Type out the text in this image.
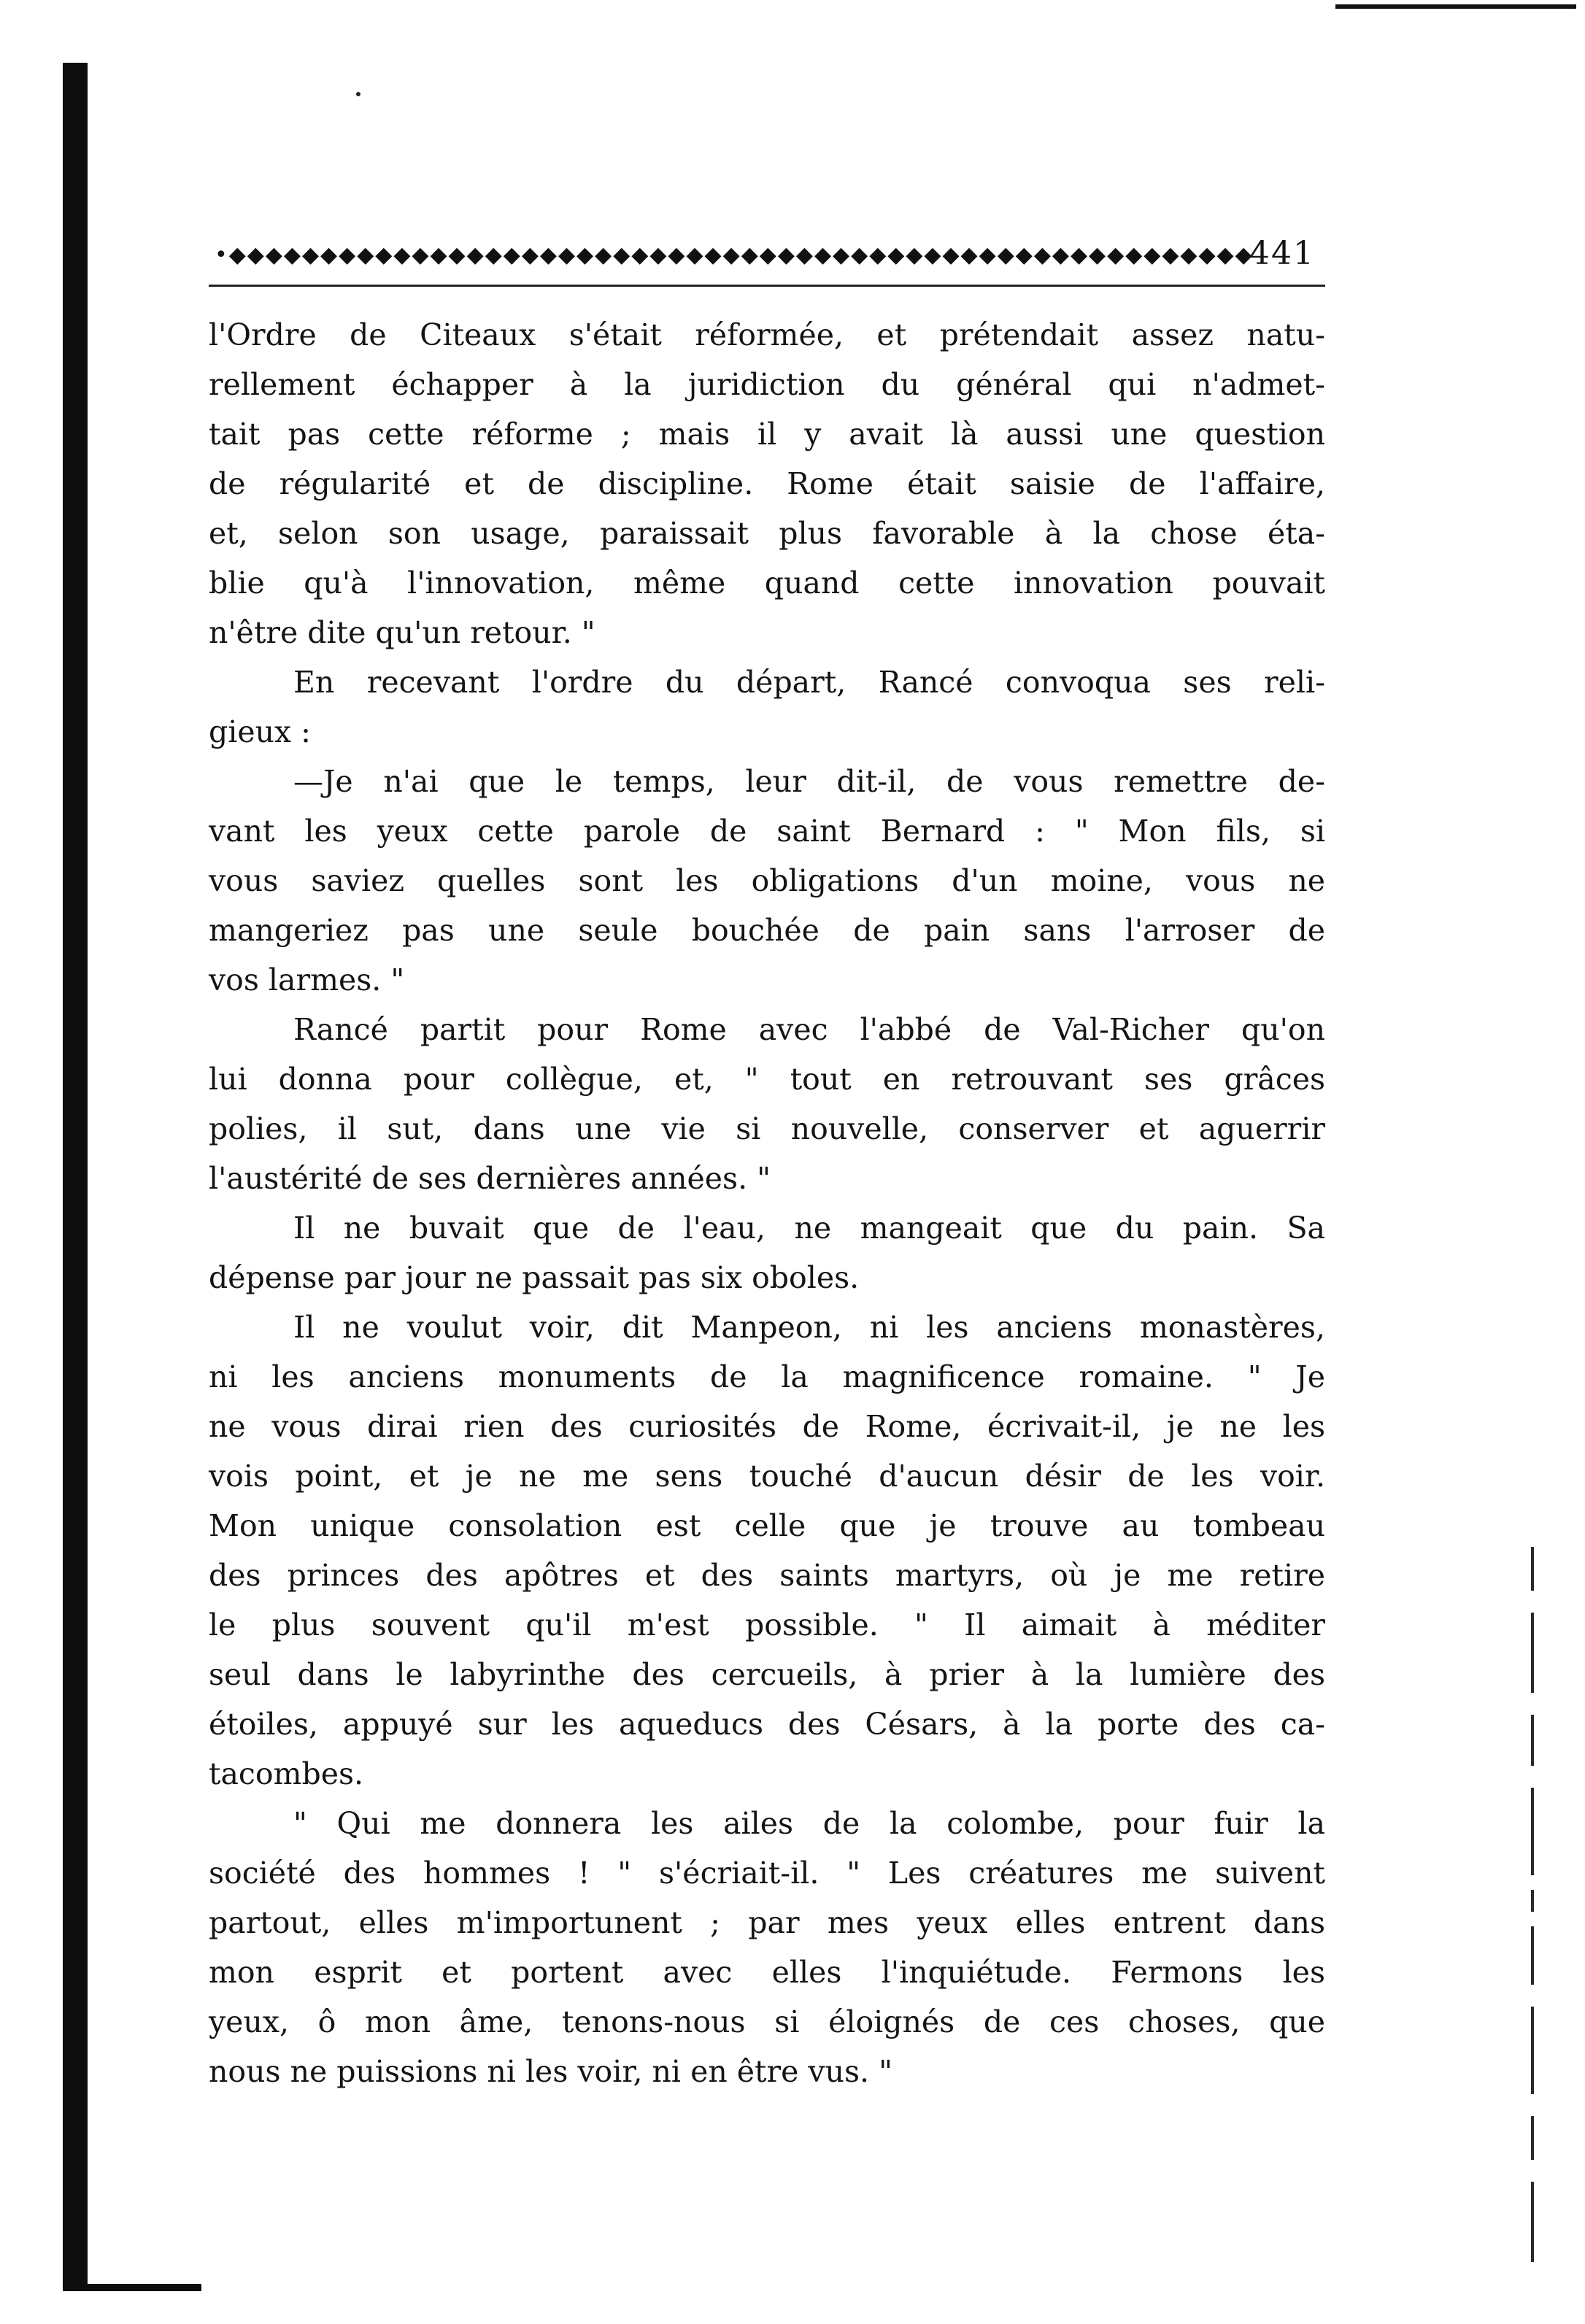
•◆◆◆◆◆◆◆◆◆◆◆◆◆◆◆◆◆◆◆◆◆◆◆◆◆◆◆◆◆◆◆◆◆◆◆◆◆◆◆◆◆◆◆◆◆◆◆◆◆◆◆◆◆◆◆◆
441
l'Ordre de Citeaux s'était réformée, et prétendait assez natu-
rellement échapper à la juridiction du général qui n'admet-
tait pas cette réforme ; mais il y avait là aussi une question
de régularité et de discipline. Rome était saisie de l'affaire,
et, selon son usage, paraissait plus favorable à la chose éta-
blie qu'à l'innovation, même quand cette innovation pouvait
n'être dite qu'un retour. "
En recevant l'ordre du départ, Rancé convoqua ses reli-
gieux :
—Je n'ai que le temps, leur dit-il, de vous remettre de-
vant les yeux cette parole de saint Bernard : " Mon fils, si
vous saviez quelles sont les obligations d'un moine, vous ne
mangeriez pas une seule bouchée de pain sans l'arroser de
vos larmes. "
Rancé partit pour Rome avec l'abbé de Val-Richer qu'on
lui donna pour collègue, et, " tout en retrouvant ses grâces
polies, il sut, dans une vie si nouvelle, conserver et aguerrir
l'austérité de ses dernières années. "
Il ne buvait que de l'eau, ne mangeait que du pain. Sa
dépense par jour ne passait pas six oboles.
Il ne voulut voir, dit Manpeon, ni les anciens monastères,
ni les anciens monuments de la magnificence romaine. " Je
ne vous dirai rien des curiosités de Rome, écrivait-il, je ne les
vois point, et je ne me sens touché d'aucun désir de les voir.
Mon unique consolation est celle que je trouve au tombeau
des princes des apôtres et des saints martyrs, où je me retire
le plus souvent qu'il m'est possible. " Il aimait à méditer
seul dans le labyrinthe des cercueils, à prier à la lumière des
étoiles, appuyé sur les aqueducs des Césars, à la porte des ca-
tacombes.
" Qui me donnera les ailes de la colombe, pour fuir la
société des hommes ! " s'écriait-il. " Les créatures me suivent
partout, elles m'importunent ; par mes yeux elles entrent dans
mon esprit et portent avec elles l'inquiétude. Fermons les
yeux, ô mon âme, tenons-nous si éloignés de ces choses, que
nous ne puissions ni les voir, ni en être vus. "
